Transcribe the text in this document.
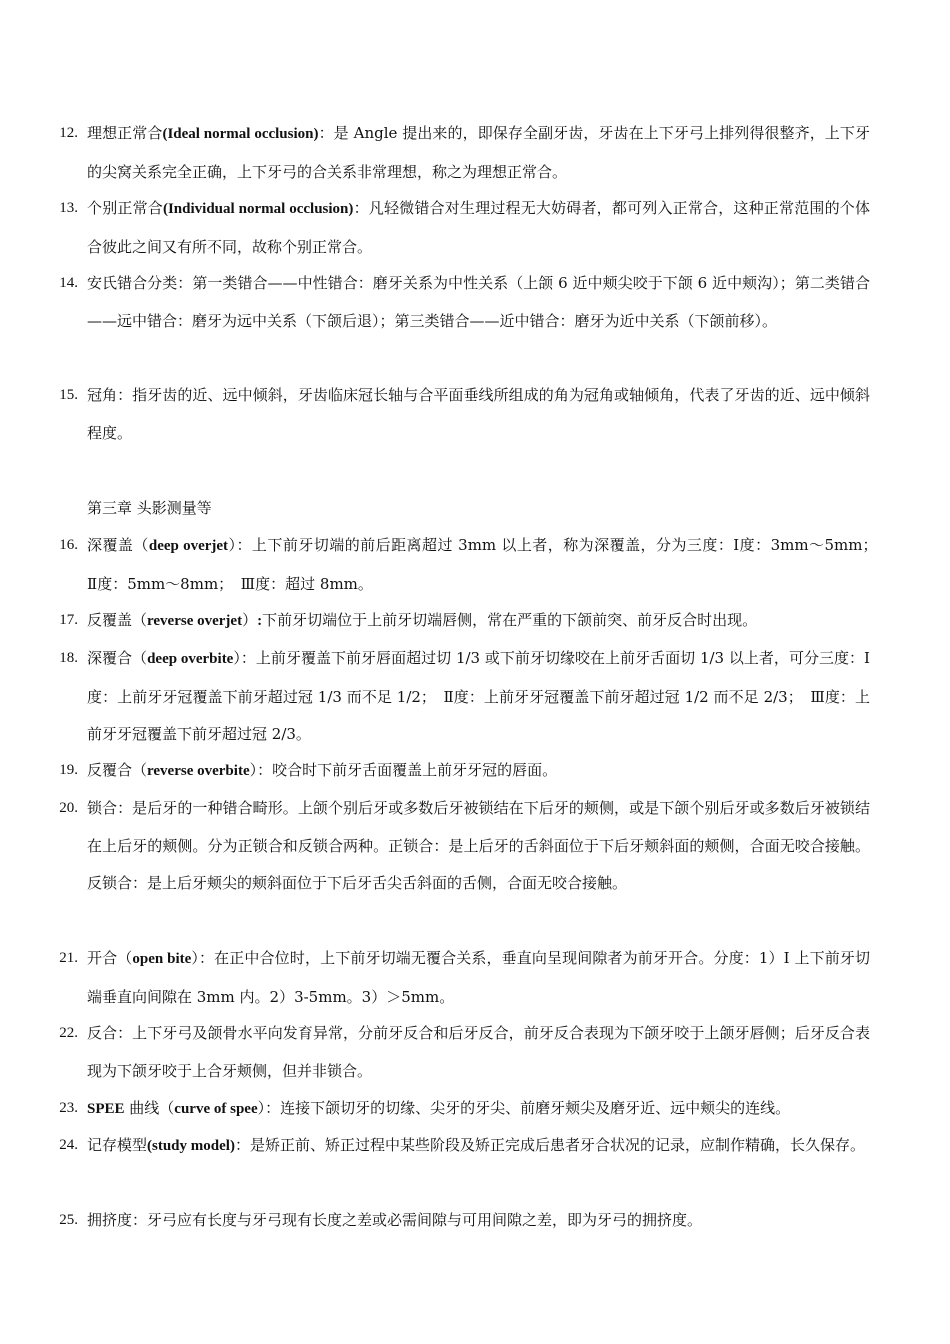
第三章 头影测量等
12. 理想正常合(Ideal normal occlusion)：是 Angle 提出来的，即保存全副牙齿，牙齿在上下牙弓上排列得很整齐，上下牙的尖窝关系完全正确，上下牙弓的合关系非常理想，称之为理想正常合。
13. 个别正常合(Individual normal occlusion)：凡轻微错合对生理过程无大妨碍者，都可列入正常合，这种正常范围的个体合彼此之间又有所不同，故称个别正常合。
14. 安氏错合分类：第一类错合——中性错合：磨牙关系为中性关系（上颌 6 近中颊尖咬于下颌 6 近中颊沟）；第二类错合——远中错合：磨牙为远中关系（下颌后退）；第三类错合——近中错合：磨牙为近中关系（下颌前移）。
15. 冠角：指牙齿的近、远中倾斜，牙齿临床冠长轴与合平面垂线所组成的角为冠角或轴倾角，代表了牙齿的近、远中倾斜程度。
16. 深覆盖（deep overjet）：上下前牙切端的前后距离超过 3mm 以上者，称为深覆盖，分为三度：Ⅰ度：3mm～5mm；　Ⅱ度：5mm～8mm；　Ⅲ度：超过 8mm。
17. 反覆盖（reverse overjet）:下前牙切端位于上前牙切端唇侧，常在严重的下颌前突、前牙反合时出现。
18. 深覆合（deep overbite）：上前牙覆盖下前牙唇面超过切 1/3 或下前牙切缘咬在上前牙舌面切 1/3 以上者，可分三度：Ⅰ度：上前牙牙冠覆盖下前牙超过冠 1/3 而不足 1/2；　Ⅱ度：上前牙牙冠覆盖下前牙超过冠 1/2 而不足 2/3；　Ⅲ度：上前牙牙冠覆盖下前牙超过冠 2/3。
19. 反覆合（reverse overbite）：咬合时下前牙舌面覆盖上前牙牙冠的唇面。
20. 锁合：是后牙的一种错合畸形。上颌个别后牙或多数后牙被锁结在下后牙的颊侧，或是下颌个别后牙或多数后牙被锁结在上后牙的颊侧。分为正锁合和反锁合两种。正锁合：是上后牙的舌斜面位于下后牙颊斜面的颊侧，合面无咬合接触。反锁合：是上后牙颊尖的颊斜面位于下后牙舌尖舌斜面的舌侧，合面无咬合接触。
21. 开合（open bite）：在正中合位时，上下前牙切端无覆合关系，垂直向呈现间隙者为前牙开合。分度：1）I 上下前牙切端垂直向间隙在 3mm 内。2）3-5mm。3）＞5mm。
22. 反合：上下牙弓及颌骨水平向发育异常，分前牙反合和后牙反合，前牙反合表现为下颌牙咬于上颌牙唇侧；后牙反合表现为下颌牙咬于上合牙颊侧，但并非锁合。
23. SPEE 曲线（curve of spee）：连接下颌切牙的切缘、尖牙的牙尖、前磨牙颊尖及磨牙近、远中颊尖的连线。
24. 记存模型(study model)：是矫正前、矫正过程中某些阶段及矫正完成后患者牙合状况的记录，应制作精确，长久保存。
25. 拥挤度：牙弓应有长度与牙弓现有长度之差或必需间隙与可用间隙之差，即为牙弓的拥挤度。
